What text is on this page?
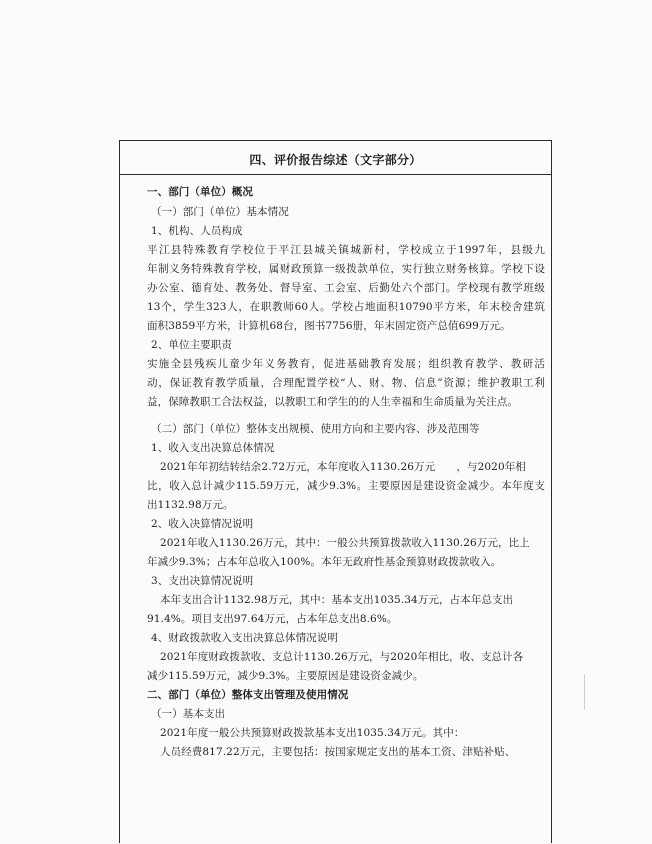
四、评价报告综述（文字部分）
一、部门（单位）概况
（一）部门（单位）基本情况
1、机构、人员构成
平江县特殊教育学校位于平江县城关镇城新村，学校成立于1997年，县级九
年制义务特殊教育学校，属财政预算一级拨款单位，实行独立财务核算。学校下设
办公室、德育处、教务处、督导室、工会室、后勤处六个部门。学校现有教学班级
13个，学生323人，在职教师60人。学校占地面积10790平方米，年末校舍建筑
面积3859平方米，计算机68台，图书7756册，年末固定资产总值699万元。
2、单位主要职责
实施全县残疾儿童少年义务教育，促进基础教育发展；组织教育教学、教研活
动，保证教育教学质量，合理配置学校“人、财、物、信息”资源；维护教职工利
益，保障教职工合法权益，以教职工和学生的的人生幸福和生命质量为关注点。
（二）部门（单位）整体支出规模、使用方向和主要内容、涉及范围等
1、收入支出决算总体情况
2021年年初结转结余2.72万元，本年度收入1130.26万元　　，与2020年相
比，收入总计减少115.59万元，减少9.3%。主要原因是建设资金减少。本年度支
出1132.98万元。
2、收入决算情况说明
2021年收入1130.26万元，其中：一般公共预算拨款收入1130.26万元，比上
年减少9.3%；占本年总收入100%。本年无政府性基金预算财政拨款收入。
3、支出决算情况说明
本年支出合计1132.98万元，其中：基本支出1035.34万元，占本年总支出
91.4%。项目支出97.64万元，占本年总支出8.6%。
4、财政拨款收入支出决算总体情况说明
2021年度财政拨款收、支总计1130.26万元，与2020年相比，收、支总计各
减少115.59万元，减少9.3%。主要原因是建设资金减少。
二、部门（单位）整体支出管理及使用情况
（一）基本支出
2021年度一般公共预算财政拨款基本支出1035.34万元。其中：
人员经费817.22万元，主要包括：按国家规定支出的基本工资、津贴补贴、
